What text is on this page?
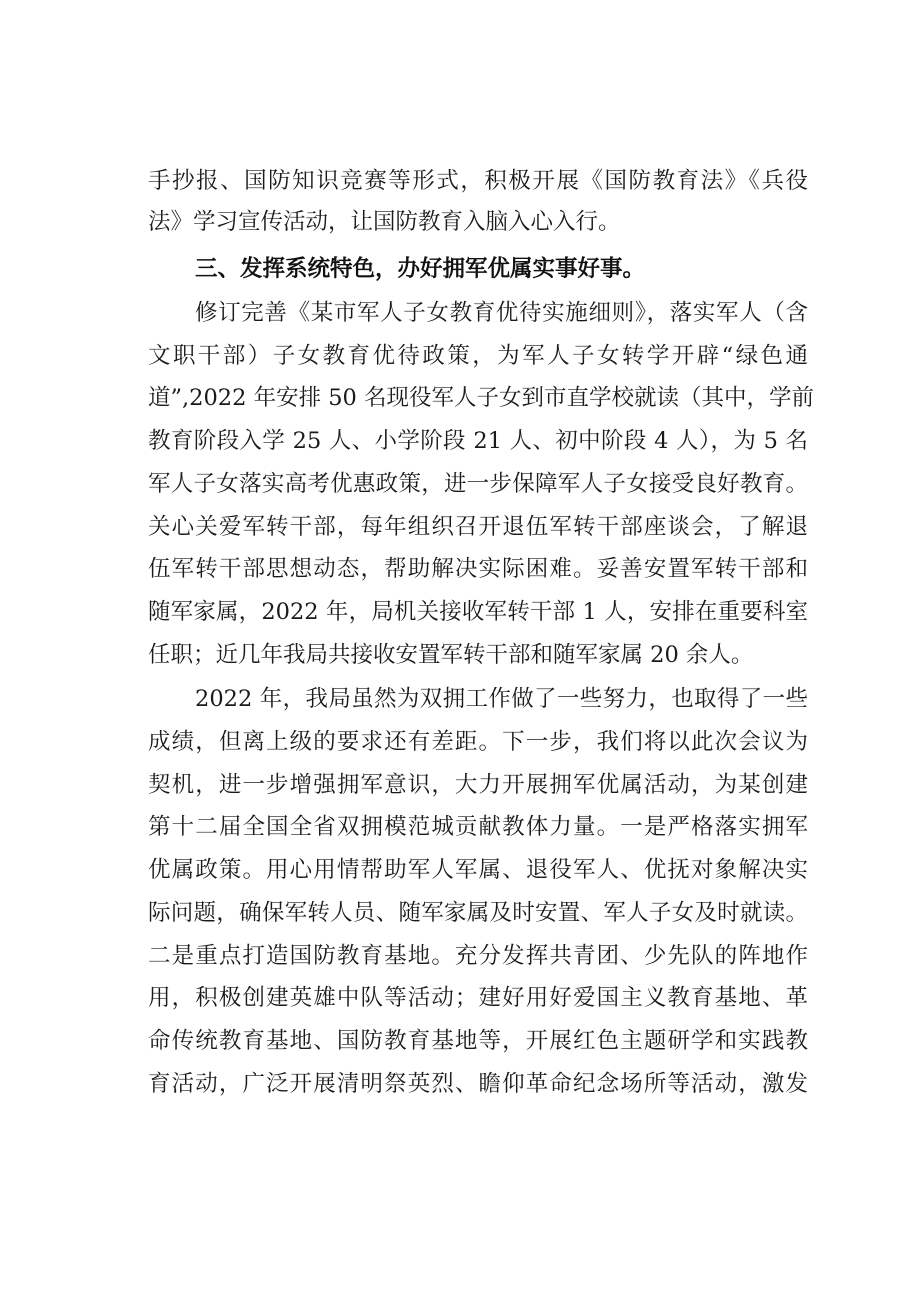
手抄报、国防知识竞赛等形式，积极开展《国防教育法》《兵役
法》学习宣传活动，让国防教育入脑入心入行。
三、发挥系统特色，办好拥军优属实事好事。
修订完善《某市军人子女教育优待实施细则》，落实军人（含
文职干部）子女教育优待政策，为军人子女转学开辟“绿色通
道”,2022 年安排 50 名现役军人子女到市直学校就读（其中，学前
教育阶段入学 25 人、小学阶段 21 人、初中阶段 4 人），为 5 名
军人子女落实高考优惠政策，进一步保障军人子女接受良好教育。
关心关爱军转干部，每年组织召开退伍军转干部座谈会，了解退
伍军转干部思想动态，帮助解决实际困难。妥善安置军转干部和
随军家属，2022 年，局机关接收军转干部 1 人，安排在重要科室
任职；近几年我局共接收安置军转干部和随军家属 20 余人。
2022 年，我局虽然为双拥工作做了一些努力，也取得了一些
成绩，但离上级的要求还有差距。下一步，我们将以此次会议为
契机，进一步增强拥军意识，大力开展拥军优属活动，为某创建
第十二届全国全省双拥模范城贡献教体力量。一是严格落实拥军
优属政策。用心用情帮助军人军属、退役军人、优抚对象解决实
际问题，确保军转人员、随军家属及时安置、军人子女及时就读。
二是重点打造国防教育基地。充分发挥共青团、少先队的阵地作
用，积极创建英雄中队等活动；建好用好爱国主义教育基地、革
命传统教育基地、国防教育基地等，开展红色主题研学和实践教
育活动，广泛开展清明祭英烈、瞻仰革命纪念场所等活动，激发
